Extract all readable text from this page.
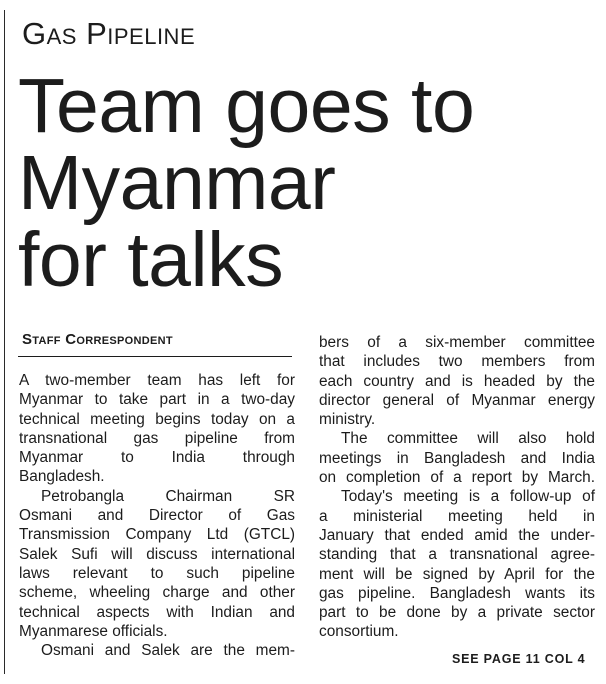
Gas Pipeline
Team goes to
Myanmar
for talks
Staff Correspondent
A two-member team has left for
Myanmar to take part in a two-day
technical meeting begins today on a
transnational gas pipeline from
Myanmar to India through
Bangladesh.
Petrobangla Chairman SR
Osmani and Director of Gas
Transmission Company Ltd (GTCL)
Salek Sufi will discuss international
laws relevant to such pipeline
scheme, wheeling charge and other
technical aspects with Indian and
Myanmarese officials.
Osmani and Salek are the mem-
bers of a six-member committee
that includes two members from
each country and is headed by the
director general of Myanmar energy
ministry.
The committee will also hold
meetings in Bangladesh and India
on completion of a report by March.
Today's meeting is a follow-up of
a ministerial meeting held in
January that ended amid the under-
standing that a transnational agree-
ment will be signed by April for the
gas pipeline. Bangladesh wants its
part to be done by a private sector
consortium.
SEE PAGE 11 COL 4
